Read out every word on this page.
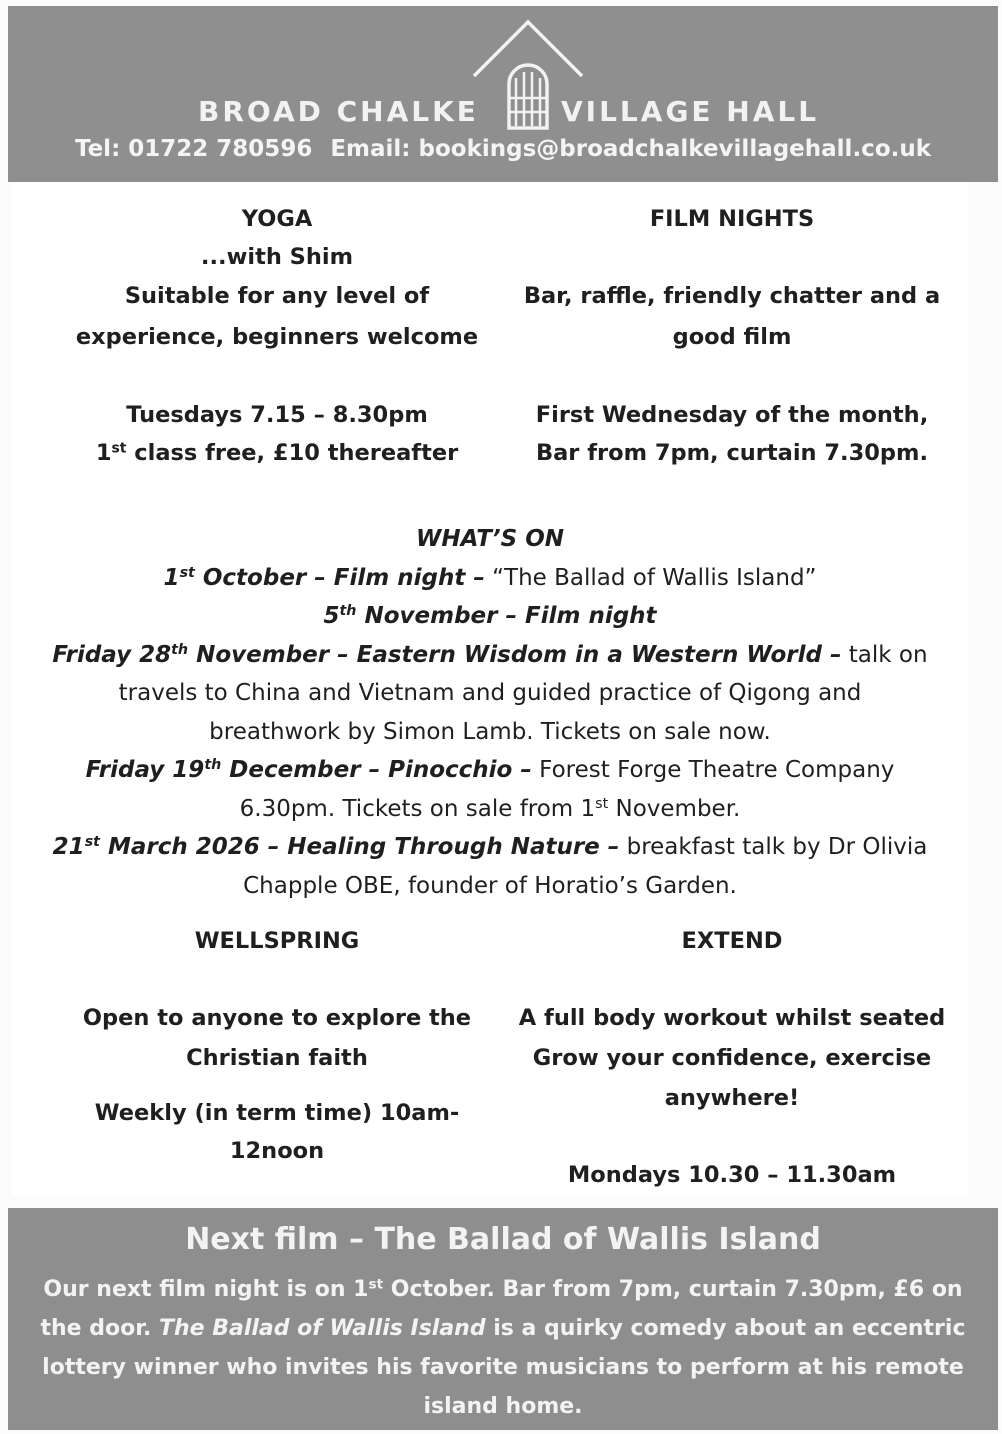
BROAD CHALKE	VILLAGE HALL
Tel: 01722 780596 Email: bookings@broadchalkevillagehall.co.uk

YOGA

...with Shim

Suitable for any level of

experience, beginners welcome

Tuesdays 7.15 – 8.30pm

1st class free, £10 thereafter

FILM NIGHTS

Bar, raffle, friendly chatter and a

good film

First Wednesday of the month,

Bar from 7pm, curtain 7.30pm.

WHAT’S ON

1st October – Film night – “The Ballad of Wallis Island”

5th November – Film night

Friday 28th November – Eastern Wisdom in a Western World – talk on

travels to China and Vietnam and guided practice of Qigong and

breathwork by Simon Lamb. Tickets on sale now.

Friday 19th December – Pinocchio – Forest Forge Theatre Company

6.30pm. Tickets on sale from 1st November.

21st March 2026 – Healing Through Nature – breakfast talk by Dr Olivia

Chapple OBE, founder of Horatio’s Garden.

WELLSPRING

Open to anyone to explore the

Christian faith

Weekly (in term time) 10am-

12noon

EXTEND

A full body workout whilst seated

Grow your confidence, exercise

anywhere!

Mondays 10.30 – 11.30am

Next film – The Ballad of Wallis Island

Our next film night is on 1st October. Bar from 7pm, curtain 7.30pm, £6 on

the door. The Ballad of Wallis Island is a quirky comedy about an eccentric

lottery winner who invites his favorite musicians to perform at his remote

island home.
